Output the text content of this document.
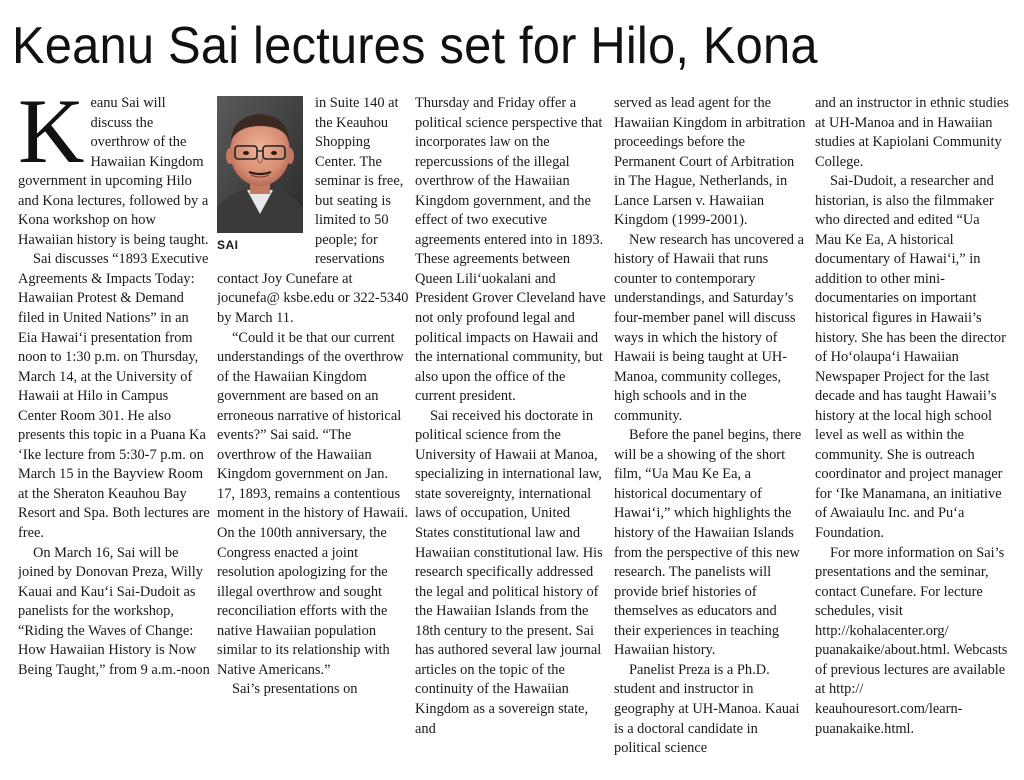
Keanu Sai lectures set for Hilo, Kona

Keanu Sai will discuss the overthrow of the Hawaiian Kingdom government in upcoming Hilo and Kona lectures, followed by a Kona workshop on how Hawaiian history is being taught.

Sai discusses “1893 Executive Agreements & Impacts Today: Hawaiian Protest & Demand filed in United Nations” in an Eia Hawaiʻi presentation from noon to 1:30 p.m. on Thursday, March 14, at the University of Hawaii at Hilo in Campus Center Room 301. He also presents this topic in a Puana Ka ʻIke lecture from 5:30-7 p.m. on March 15 in the Bayview Room at the Sheraton Keauhou Bay Resort and Spa. Both lectures are free.

On March 16, Sai will be joined by Donovan Preza, Willy Kauai and Kauʻi Sai-Dudoit as panelists for the workshop, “Riding the Waves of Change: How Hawaiian History is Now Being Taught,” from 9 a.m.-noon

SAI

in Suite 140 at the Keauhou Shopping Center. The seminar is free, but seating is limited to 50 people; for reservations contact Joy Cunefare at jocunefa@ ksbe.edu or 322-5340 by March 11.

“Could it be that our current understandings of the overthrow of the Hawaiian Kingdom government are based on an erroneous narrative of historical events?” Sai said. “The overthrow of the Hawaiian Kingdom government on Jan. 17, 1893, remains a contentious moment in the history of Hawaii. On the 100th anniversary, the Congress enacted a joint resolution apologizing for the illegal overthrow and sought reconciliation efforts with the native Hawaiian population similar to its relationship with Native Americans.”

Sai’s presentations on

Thursday and Friday offer a political science perspective that incorporates law on the repercussions of the illegal overthrow of the Hawaiian Kingdom government, and the effect of two executive agreements entered into in 1893. These agreements between Queen Liliʻuokalani and President Grover Cleveland have not only profound legal and political impacts on Hawaii and the international community, but also upon the office of the current president.

Sai received his doctorate in political science from the University of Hawaii at Manoa, specializing in international law, state sovereignty, international laws of occupation, United States constitutional law and Hawaiian constitutional law. His research specifically addressed the legal and political history of the Hawaiian Islands from the 18th century to the present. Sai has authored several law journal articles on the topic of the continuity of the Hawaiian Kingdom as a sovereign state, and

served as lead agent for the Hawaiian Kingdom in arbitration proceedings before the Permanent Court of Arbitration in The Hague, Netherlands, in Lance Larsen v. Hawaiian Kingdom (1999-2001).

New research has uncovered a history of Hawaii that runs counter to contemporary understandings, and Saturday’s four-member panel will discuss ways in which the history of Hawaii is being taught at UH-Manoa, community colleges, high schools and in the community.

Before the panel begins, there will be a showing of the short film, “Ua Mau Ke Ea, a historical documentary of Hawaiʻi,” which highlights the history of the Hawaiian Islands from the perspective of this new research. The panelists will provide brief histories of themselves as educators and their experiences in teaching Hawaiian history.

Panelist Preza is a Ph.D. student and instructor in geography at UH-Manoa. Kauai is a doctoral candidate in political science

and an instructor in ethnic studies at UH-Manoa and in Hawaiian studies at Kapiolani Community College.

Sai-Dudoit, a researcher and historian, is also the filmmaker who directed and edited “Ua Mau Ke Ea, A historical documentary of Hawaiʻi,” in addition to other mini-documentaries on important historical figures in Hawaii’s history. She has been the director of Hoʻolaupaʻi Hawaiian Newspaper Project for the last decade and has taught Hawaii’s history at the local high school level as well as within the community. She is outreach coordinator and project manager for ʻIke Manamana, an initiative of Awaiaulu Inc. and Puʻa Foundation.

For more information on Sai’s presentations and the seminar, contact Cunefare. For lecture schedules, visit http://kohalacenter.org/ puanakaike/about.html. Webcasts of previous lectures are available at http:// keauhouresort.com/learn-puanakaike.html.
